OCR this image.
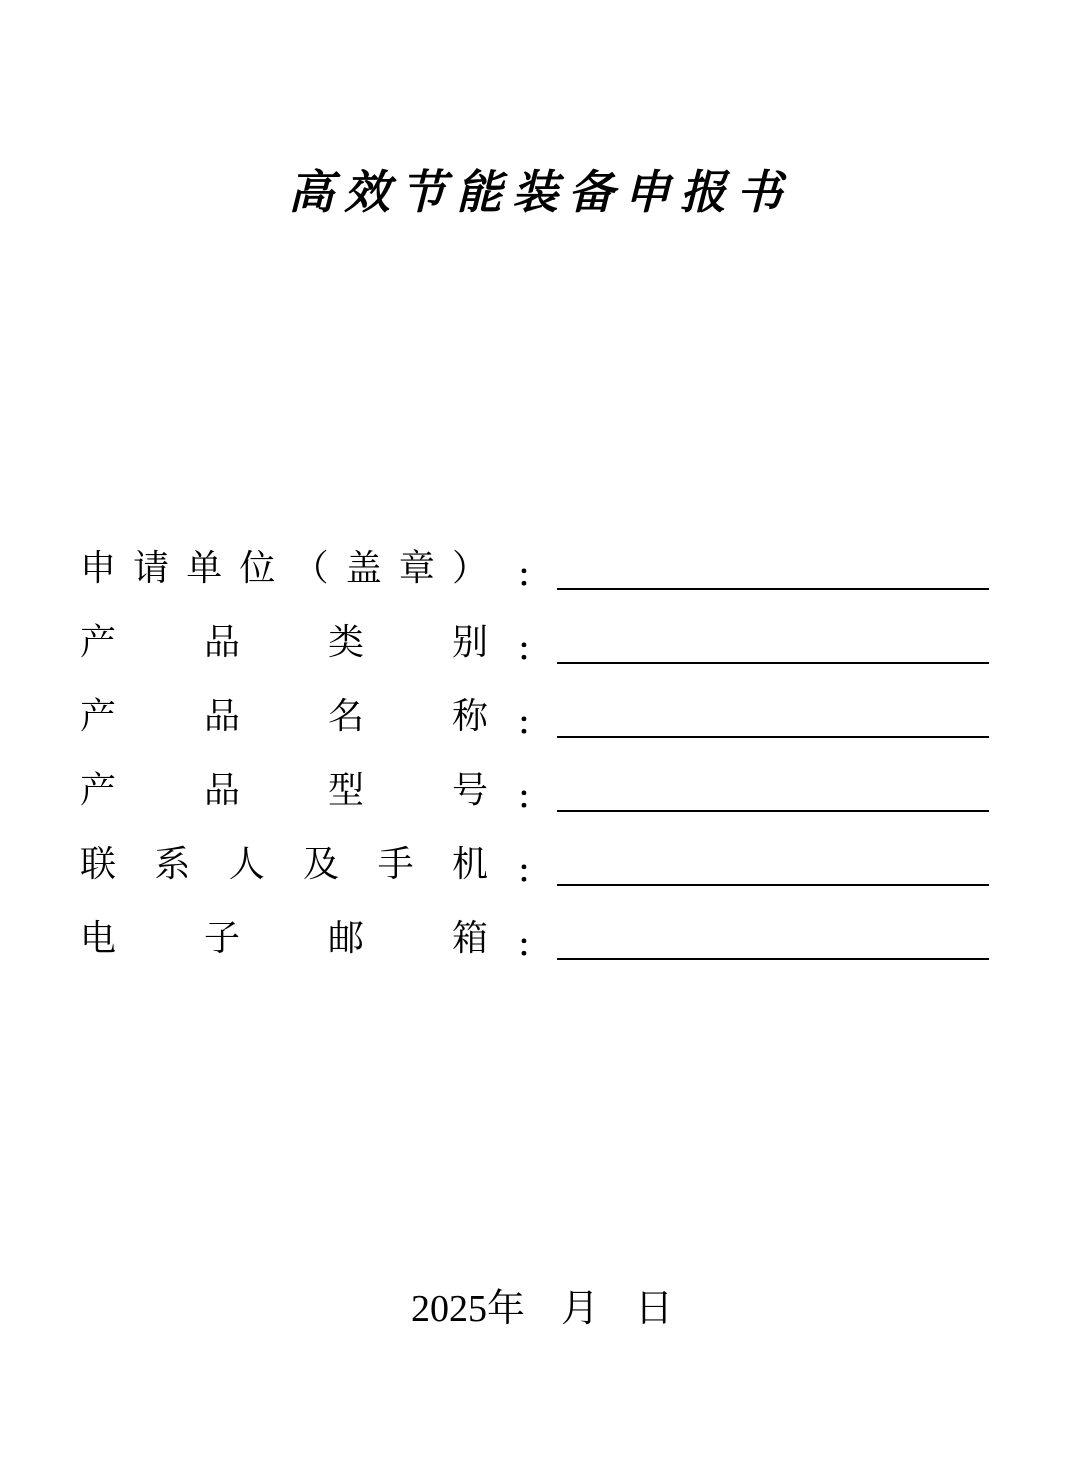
高效节能装备申报书
申 请 单 位 （ 盖 章 ） ：
产 品 类 别 ：
产 品 名 称 ：
产 品 型 号 ：
联 系 人 及 手 机 ：
电 子 邮 箱 ：
2025年 月 日
